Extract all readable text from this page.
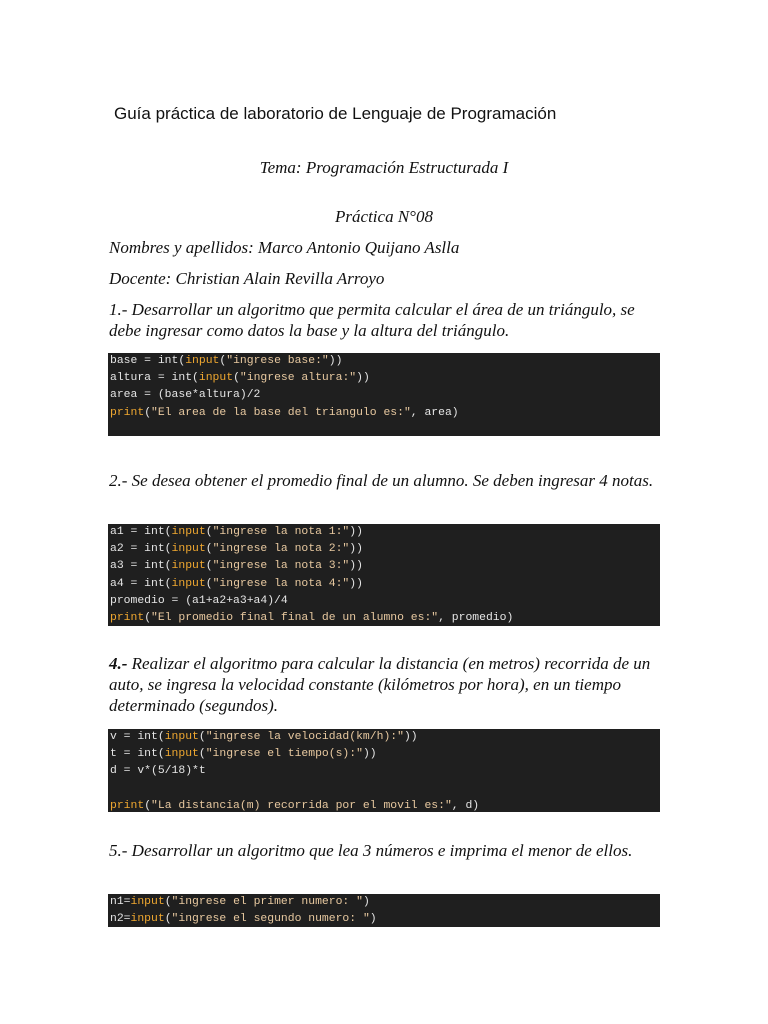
Guía práctica de laboratorio de Lenguaje de Programación
Tema: Programación Estructurada I
Práctica N°08
Nombres y apellidos: Marco Antonio Quijano Aslla
Docente: Christian Alain Revilla Arroyo
1.- Desarrollar un algoritmo que permita calcular el área de un triángulo, se debe ingresar como datos la base y la altura del triángulo.
base = int(input("ingrese base:"))
altura = int(input("ingrese altura:"))
area = (base*altura)/2
print("El area de la base del triangulo es:", area)
2.- Se desea obtener el promedio final de un alumno. Se deben ingresar 4 notas.
a1 = int(input("ingrese la nota 1:"))
a2 = int(input("ingrese la nota 2:"))
a3 = int(input("ingrese la nota 3:"))
a4 = int(input("ingrese la nota 4:"))
promedio = (a1+a2+a3+a4)/4
print("El promedio final final de un alumno es:", promedio)
4.- Realizar el algoritmo para calcular la distancia (en metros) recorrida de un auto, se ingresa la velocidad constante (kilómetros por hora), en un tiempo determinado (segundos).
v = int(input("ingrese la velocidad(km/h):"))
t = int(input("ingrese el tiempo(s):"))
d = v*(5/18)*t
print("La distancia(m) recorrida por el movil es:", d)
5.- Desarrollar un algoritmo que lea 3 números e imprima el menor de ellos.
n1=input("ingrese el primer numero: ")
n2=input("ingrese el segundo numero: ")
